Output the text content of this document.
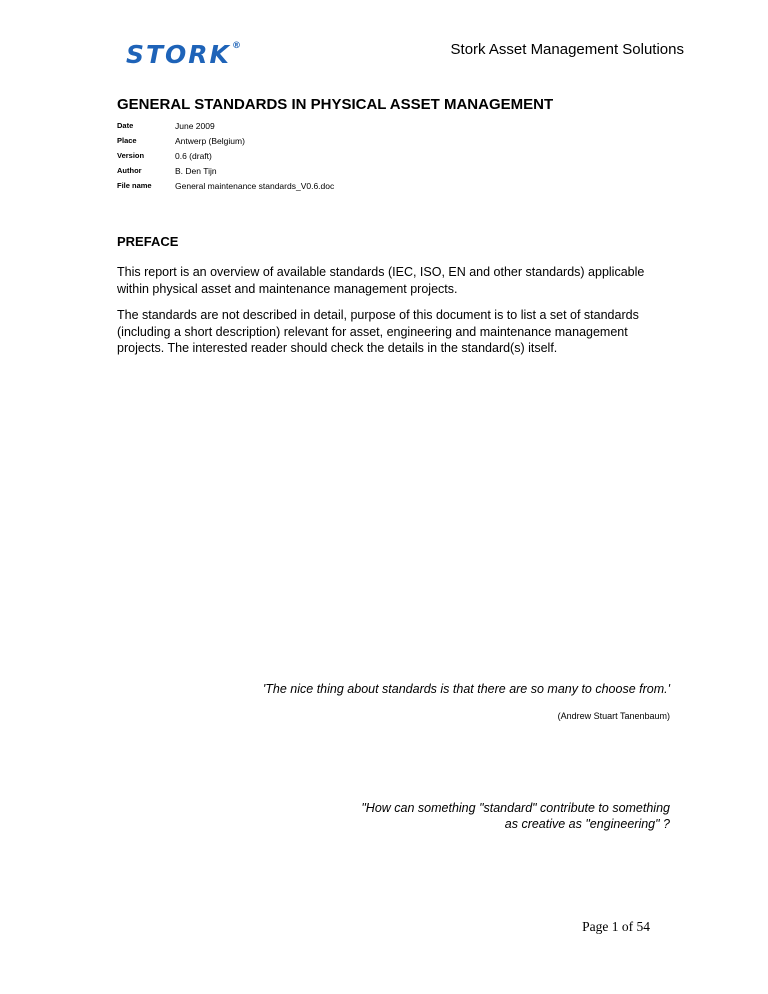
STORK®	Stork Asset Management Solutions
GENERAL STANDARDS IN PHYSICAL ASSET MANAGEMENT
Date	June 2009
Place	Antwerp (Belgium)
Version	0.6 (draft)
Author	B. Den Tijn
File name	General maintenance standards_V0.6.doc
PREFACE

This report is an overview of available standards (IEC, ISO, EN and other standards) applicable within physical asset and maintenance management projects.

The standards are not described in detail, purpose of this document is to list a set of standards (including a short description) relevant for asset, engineering and maintenance management projects. The interested reader should check the details in the standard(s) itself.

'The nice thing about standards is that there are so many to choose from.'
(Andrew Stuart Tanenbaum)
"How can something "standard" contribute to something
as creative as "engineering" ?
Page 1 of 54
